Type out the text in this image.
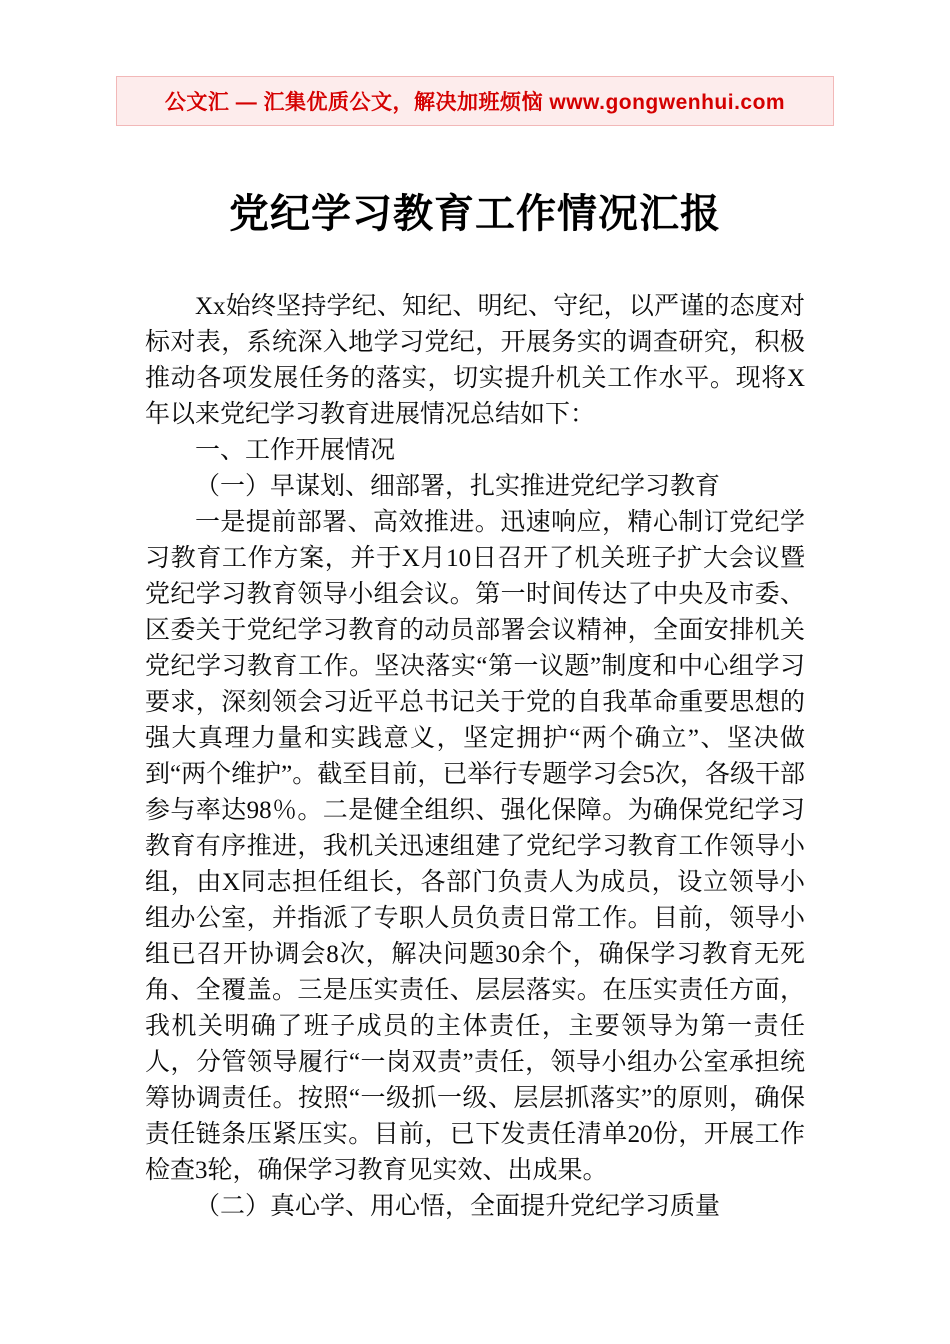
公文汇 — 汇集优质公文，解决加班烦恼 www.gongwenhui.com
党纪学习教育工作情况汇报

Xx始终坚持学纪、知纪、明纪、守纪，以严谨的态度对标对表，系统深入地学习党纪，开展务实的调查研究，积极推动各项发展任务的落实，切实提升机关工作水平。现将X年以来党纪学习教育进展情况总结如下：

一、工作开展情况

（一）早谋划、细部署，扎实推进党纪学习教育

一是提前部署、高效推进。迅速响应，精心制订党纪学习教育工作方案，并于X月10日召开了机关班子扩大会议暨党纪学习教育领导小组会议。第一时间传达了中央及市委、区委关于党纪学习教育的动员部署会议精神，全面安排机关党纪学习教育工作。坚决落实“第一议题”制度和中心组学习要求，深刻领会习近平总书记关于党的自我革命重要思想的强大真理力量和实践意义，坚定拥护“两个确立”、坚决做到“两个维护”。截至目前，已举行专题学习会5次，各级干部参与率达98％。二是健全组织、强化保障。为确保党纪学习教育有序推进，我机关迅速组建了党纪学习教育工作领导小组，由X同志担任组长，各部门负责人为成员，设立领导小组办公室，并指派了专职人员负责日常工作。目前，领导小组已召开协调会8次，解决问题30余个，确保学习教育无死角、全覆盖。三是压实责任、层层落实。在压实责任方面，我机关明确了班子成员的主体责任，主要领导为第一责任人，分管领导履行“一岗双责”责任，领导小组办公室承担统筹协调责任。按照“一级抓一级、层层抓落实”的原则，确保责任链条压紧压实。目前，已下发责任清单20份，开展工作检查3轮，确保学习教育见实效、出成果。

（二）真心学、用心悟，全面提升党纪学习质量
